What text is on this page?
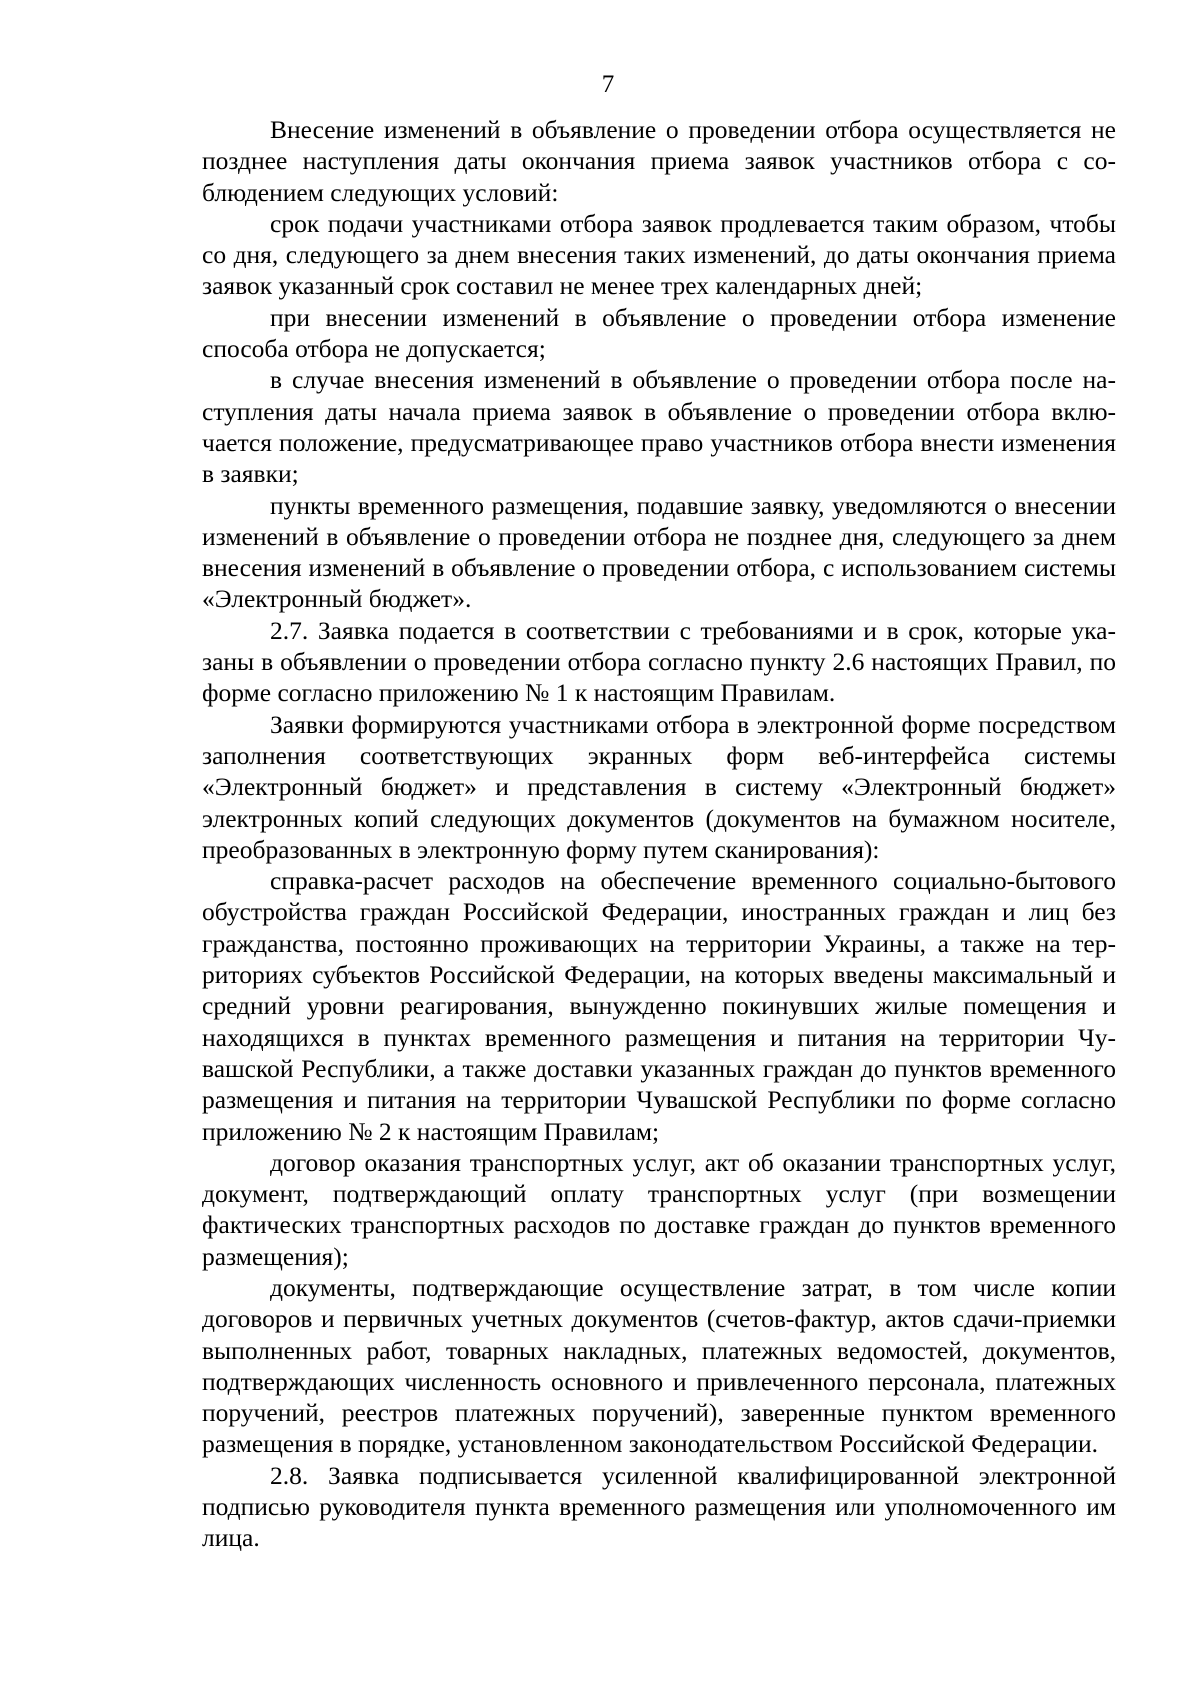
7

Внесение изменений в объявление о проведении отбора осуществляется не позднее наступления даты окончания приема заявок участников отбора с соблюдением следующих условий:

срок подачи участниками отбора заявок продлевается таким образом, чтобы со дня, следующего за днем внесения таких изменений, до даты окончания приема заявок указанный срок составил не менее трех календарных дней;

при внесении изменений в объявление о проведении отбора изменение способа отбора не допускается;

в случае внесения изменений в объявление о проведении отбора после наступления даты начала приема заявок в объявление о проведении отбора включается положение, предусматривающее право участников отбора внести изменения в заявки;

пункты временного размещения, подавшие заявку, уведомляются о внесении изменений в объявление о проведении отбора не позднее дня, следующего за днем внесения изменений в объявление о проведении отбора, с использованием системы «Электронный бюджет».

2.7. Заявка подается в соответствии с требованиями и в срок, которые указаны в объявлении о проведении отбора согласно пункту 2.6 настоящих Правил, по форме согласно приложению № 1 к настоящим Правилам.

Заявки формируются участниками отбора в электронной форме посредством заполнения соответствующих экранных форм веб-интерфейса системы «Электронный бюджет» и представления в систему «Электронный бюджет» электронных копий следующих документов (документов на бумажном носителе, преобразованных в электронную форму путем сканирования):

справка-расчет расходов на обеспечение временного социально-бытового обустройства граждан Российской Федерации, иностранных граждан и лиц без гражданства, постоянно проживающих на территории Украины, а также на территориях субъектов Российской Федерации, на которых введены максимальный и средний уровни реагирования, вынужденно покинувших жилые помещения и находящихся в пунктах временного размещения и питания на территории Чувашской Республики, а также доставки указанных граждан до пунктов временного размещения и питания на территории Чувашской Республики по форме согласно приложению № 2 к настоящим Правилам;

договор оказания транспортных услуг, акт об оказании транспортных услуг, документ, подтверждающий оплату транспортных услуг (при возмещении фактических транспортных расходов по доставке граждан до пунктов временного размещения);

документы, подтверждающие осуществление затрат, в том числе копии договоров и первичных учетных документов (счетов-фактур, актов сдачи-приемки выполненных работ, товарных накладных, платежных ведомостей, документов, подтверждающих численность основного и привлеченного персонала, платежных поручений, реестров платежных поручений), заверенные пунктом временного размещения в порядке, установленном законодательством Российской Федерации.

2.8. Заявка подписывается усиленной квалифицированной электронной подписью руководителя пункта временного размещения или уполномоченного им лица.
